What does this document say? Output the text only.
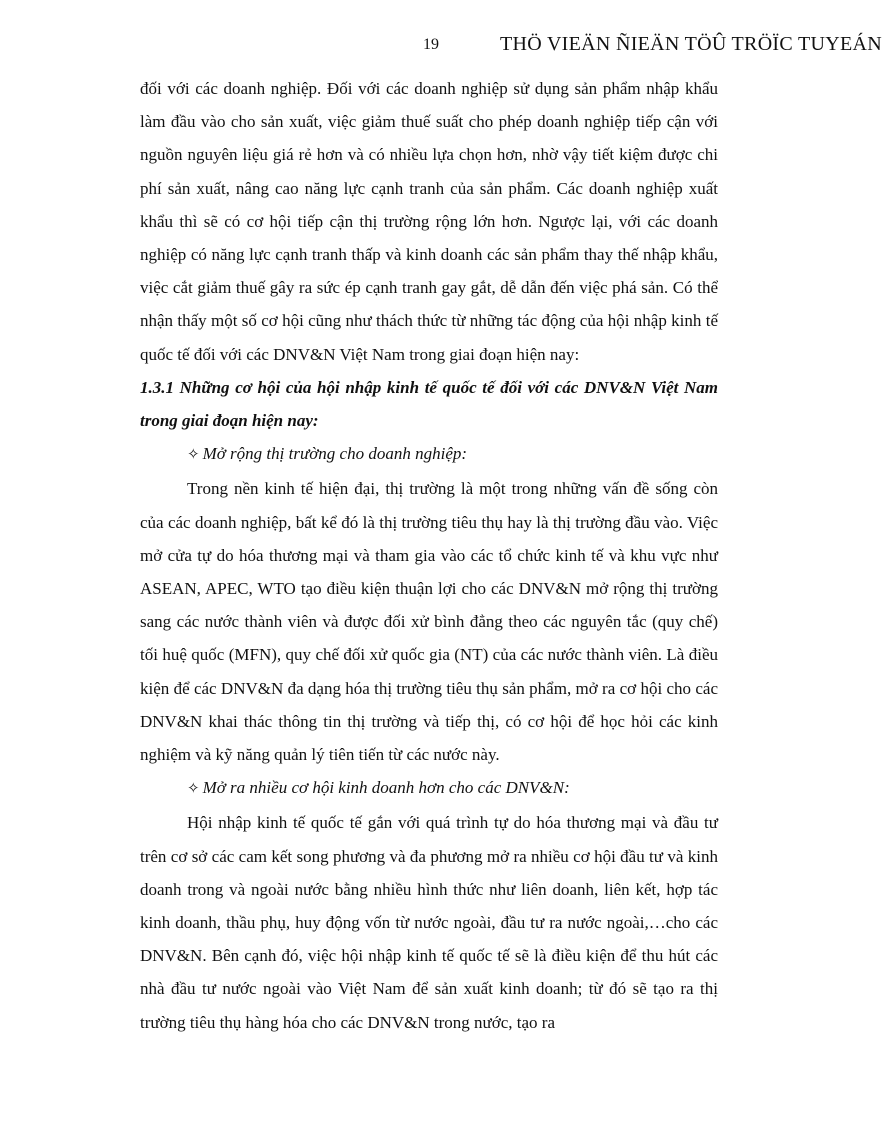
19	THÖ VIEÄN ÑIEÄN TÖÛ TRÖÏC TUYEÁN

đối với các doanh nghiệp. Đối với các doanh nghiệp sử dụng sản phẩm nhập khẩu làm đầu vào cho sản xuất, việc giảm thuế suất cho phép doanh nghiệp tiếp cận với nguồn nguyên liệu giá rẻ hơn và có nhiều lựa chọn hơn, nhờ vậy tiết kiệm được chi phí sản xuất, nâng cao năng lực cạnh tranh của sản phẩm. Các doanh nghiệp xuất khẩu thì sẽ có cơ hội tiếp cận thị trường rộng lớn hơn. Ngược lại, với các doanh nghiệp có năng lực cạnh tranh thấp và kinh doanh các sản phẩm thay thế nhập khẩu, việc cắt giảm thuế gây ra sức ép cạnh tranh gay gắt, dễ dẫn đến việc phá sản. Có thể nhận thấy một số cơ hội cũng như thách thức từ những tác động của hội nhập kinh tế quốc tế đối với các DNV&N Việt Nam trong giai đoạn hiện nay:

1.3.1 Những cơ hội của hội nhập kinh tế quốc tế đối với các DNV&N Việt Nam trong giai đoạn hiện nay:

✧ Mở rộng thị trường cho doanh nghiệp:

Trong nền kinh tế hiện đại, thị trường là một trong những vấn đề sống còn của các doanh nghiệp, bất kể đó là thị trường tiêu thụ hay là thị trường đầu vào. Việc mở cửa tự do hóa thương mại và tham gia vào các tổ chức kinh tế và khu vực như ASEAN, APEC, WTO tạo điều kiện thuận lợi cho các DNV&N mở rộng thị trường sang các nước thành viên và được đối xử bình đẳng theo các nguyên tắc (quy chế) tối huệ quốc (MFN), quy chế đối xử quốc gia (NT) của các nước thành viên. Là điều kiện để các DNV&N đa dạng hóa thị trường tiêu thụ sản phẩm, mở ra cơ hội cho các DNV&N khai thác thông tin thị trường và tiếp thị, có cơ hội để học hỏi các kinh nghiệm và kỹ năng quản lý tiên tiến từ các nước này.

✧ Mở ra nhiều cơ hội kinh doanh hơn cho các DNV&N:

Hội nhập kinh tế quốc tế gắn với quá trình tự do hóa thương mại và đầu tư trên cơ sở các cam kết song phương và đa phương mở ra nhiều cơ hội đầu tư và kinh doanh trong và ngoài nước bằng nhiều hình thức như liên doanh, liên kết, hợp tác kinh doanh, thầu phụ, huy động vốn từ nước ngoài, đầu tư ra nước ngoài,…cho các DNV&N. Bên cạnh đó, việc hội nhập kinh tế quốc tế sẽ là điều kiện để thu hút các nhà đầu tư nước ngoài vào Việt Nam để sản xuất kinh doanh; từ đó sẽ tạo ra thị trường tiêu thụ hàng hóa cho các DNV&N trong nước, tạo ra
